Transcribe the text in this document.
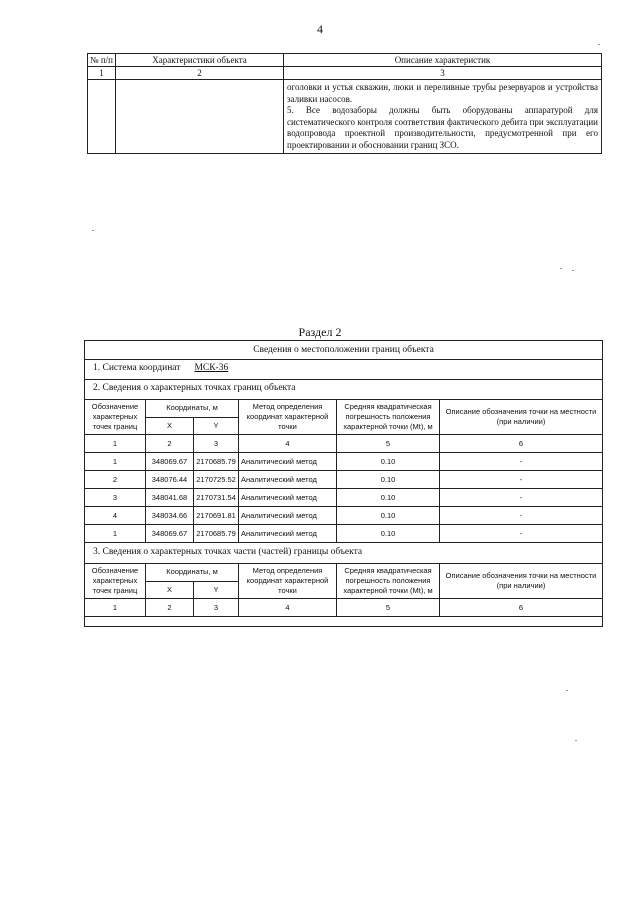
4
№ п/п	Характеристики объекта	Описание характеристик
1	2	3

		оголовки и устья скважин, люки и переливные трубы резервуаров и устройства заливки насосов.
5. Все водозаборы должны быть оборудованы аппаратурой для систематического контроля соответствия фактического дебита при эксплуатации водопровода проектной производительности, предусмотренной при его проектировании и обосновании границ ЗСО.
Раздел 2
Сведения о местоположении границ объекта
1. Система координат МСК-36
2. Сведения о характерных точках границ объекта
Обозначение характерных точек границ	Координаты, м		Метод определения координат характерной точки	Средняя квадратическая погрешность положения характерной точки (Mt), м	Описание обозначения точки на местности (при наличии)
	X	Y			
1	2	3	4	5	6
1	348069.67	2170685.79	Аналитический метод	0.10	-
2	348076.44	2170725.52	Аналитический метод	0.10	-
3	348041.68	2170731.54	Аналитический метод	0.10	-
4	348034.66	2170691.81	Аналитический метод	0.10	-
1	348069.67	2170685.79	Аналитический метод	0.10	-
3. Сведения о характерных точках части (частей) границы объекта
Обозначение характерных точек границ	Координаты, м		Метод определения координат характерной точки	Средняя квадратическая погрешность положения характерной точки (Mt), м	Описание обозначения точки на местности (при наличии)
	X	Y			
1	2	3	4	5	6
